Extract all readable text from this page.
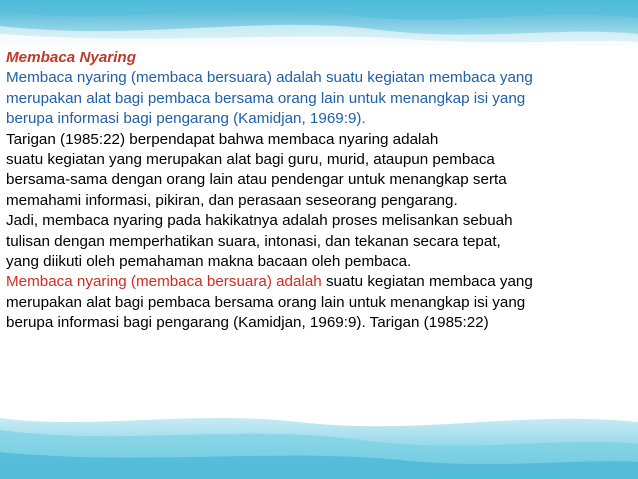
Membaca Nyaring

Membaca nyaring (membaca bersuara) adalah suatu kegiatan membaca yang

merupakan alat bagi pembaca bersama orang lain untuk menangkap isi yang

berupa informasi bagi pengarang (Kamidjan, 1969:9).

Tarigan (1985:22) berpendapat bahwa membaca nyaring adalah

suatu kegiatan yang merupakan alat bagi guru, murid, ataupun pembaca

bersama-sama dengan orang lain atau pendengar untuk menangkap serta

memahami informasi, pikiran, dan perasaan seseorang pengarang.

Jadi, membaca nyaring pada hakikatnya adalah proses melisankan sebuah

tulisan dengan memperhatikan suara, intonasi, dan tekanan secara tepat,

yang diikuti oleh pemahaman makna bacaan oleh pembaca.

Membaca nyaring (membaca bersuara) adalah suatu kegiatan membaca yang

merupakan alat bagi pembaca bersama orang lain untuk menangkap isi yang

berupa informasi bagi pengarang (Kamidjan, 1969:9). Tarigan (1985:22)
